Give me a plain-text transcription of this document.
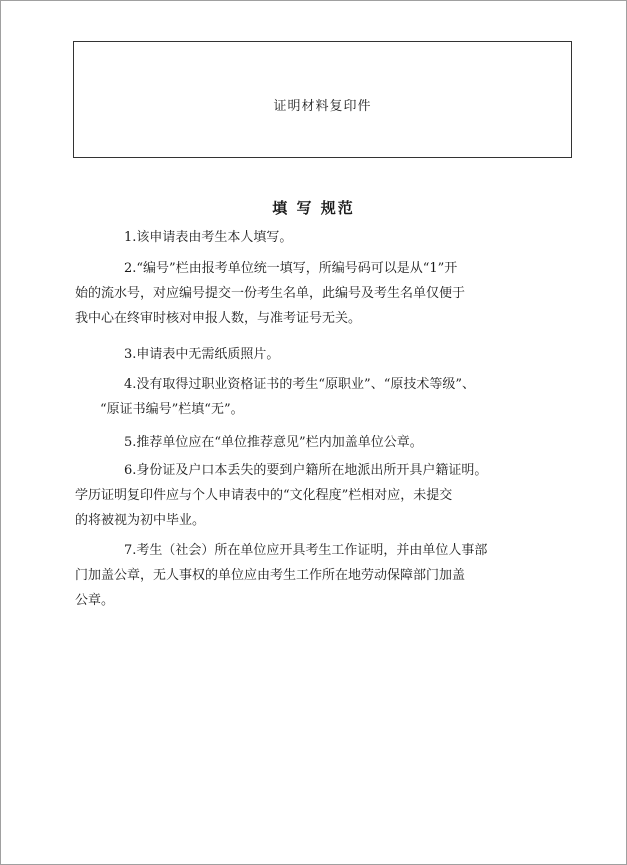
证明材料复印件
填 写 规范
1.该申请表由考生本人填写。
2.“编号”栏由报考单位统一填写，所编号码可以是从“1”开
始的流水号，对应编号提交一份考生名单，此编号及考生名单仅便于
我中心在终审时核对申报人数，与准考证号无关。
3.申请表中无需纸质照片。
4.没有取得过职业资格证书的考生“原职业”、“原技术等级”、
“原证书编号”栏填“无”。
5.推荐单位应在“单位推荐意见”栏内加盖单位公章。
6.身份证及户口本丢失的要到户籍所在地派出所开具户籍证明。
学历证明复印件应与个人申请表中的“文化程度”栏相对应，未提交
的将被视为初中毕业。
7.考生（社会）所在单位应开具考生工作证明，并由单位人事部
门加盖公章，无人事权的单位应由考生工作所在地劳动保障部门加盖
公章。
